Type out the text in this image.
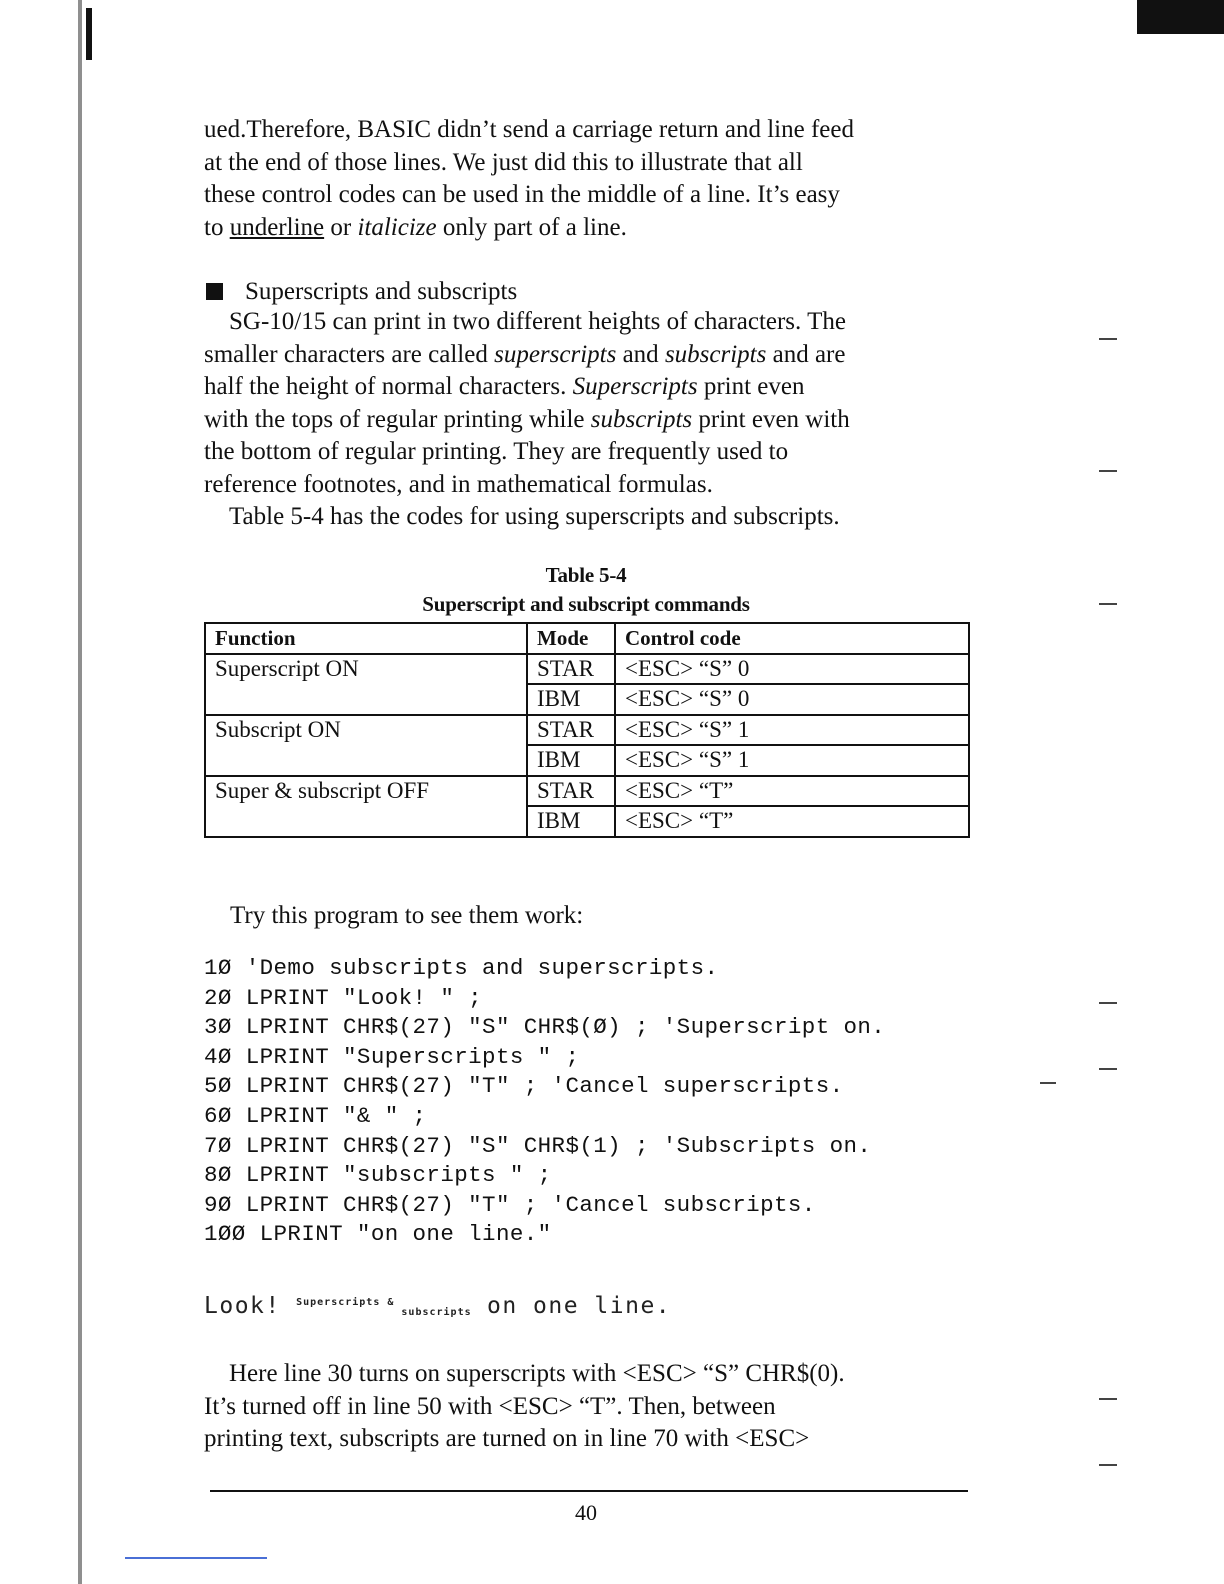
ued.Therefore, BASIC didn’t send a carriage return and line feed
at the end of those lines. We just did this to illustrate that all
these control codes can be used in the middle of a line. It’s easy
to underline or italicize only part of a line.
Superscripts and subscripts
SG-10/15 can print in two different heights of characters. The
smaller characters are called superscripts and subscripts and are
half the height of normal characters. Superscripts print even
with the tops of regular printing while subscripts print even with
the bottom of regular printing. They are frequently used to
reference footnotes, and in mathematical formulas.
Table 5-4 has the codes for using superscripts and subscripts.
Table 5-4
Superscript and subscript commands
Function	Mode	Control code
Superscript ON	STAR	<ESC> “S” 0
	IBM	<ESC> “S” 0
Subscript ON	STAR	<ESC> “S” 1
	IBM	<ESC> “S” 1
Super & subscript OFF	STAR	<ESC> “T”
	IBM	<ESC> “T”
Try this program to see them work:
1Ø 'Demo subscripts and superscripts.
2Ø LPRINT "Look! " ;
3Ø LPRINT CHR$(27) "S" CHR$(Ø) ; 'Superscript on.
4Ø LPRINT "Superscripts " ;
5Ø LPRINT CHR$(27) "T" ; 'Cancel superscripts.
6Ø LPRINT "& " ;
7Ø LPRINT CHR$(27) "S" CHR$(1) ; 'Subscripts on.
8Ø LPRINT "subscripts " ;
9Ø LPRINT CHR$(27) "T" ; 'Cancel subscripts.
1ØØ LPRINT "on one line."
Look! $^{Superscripts}$ & $_{subscripts}$ on one line.
Here line 30 turns on superscripts with <ESC> “S” CHR$(0).
It’s turned off in line 50 with <ESC> “T”. Then, between
printing text, subscripts are turned on in line 70 with <ESC>
40
